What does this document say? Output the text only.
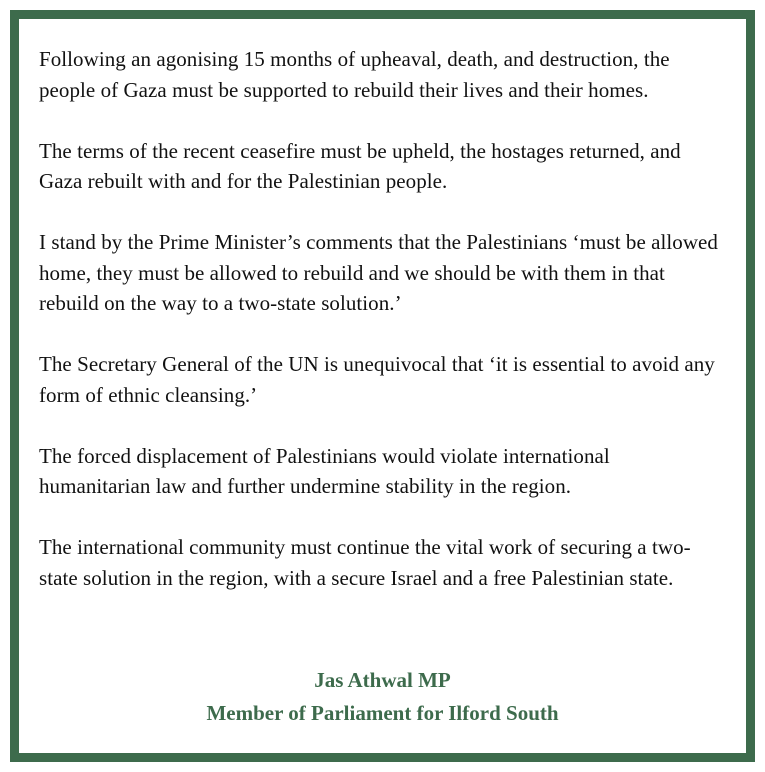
Following an agonising 15 months of upheaval, death, and destruction, the people of Gaza must be supported to rebuild their lives and their homes.

The terms of the recent ceasefire must be upheld, the hostages returned, and Gaza rebuilt with and for the Palestinian people.

I stand by the Prime Minister’s comments that the Palestinians ‘must be allowed home, they must be allowed to rebuild and we should be with them in that rebuild on the way to a two-state solution.’

The Secretary General of the UN is unequivocal that ‘it is essential to avoid any form of ethnic cleansing.’

The forced displacement of Palestinians would violate international humanitarian law and further undermine stability in the region.

The international community must continue the vital work of securing a two-state solution in the region, with a secure Israel and a free Palestinian state.

Jas Athwal MP
Member of Parliament for Ilford South
